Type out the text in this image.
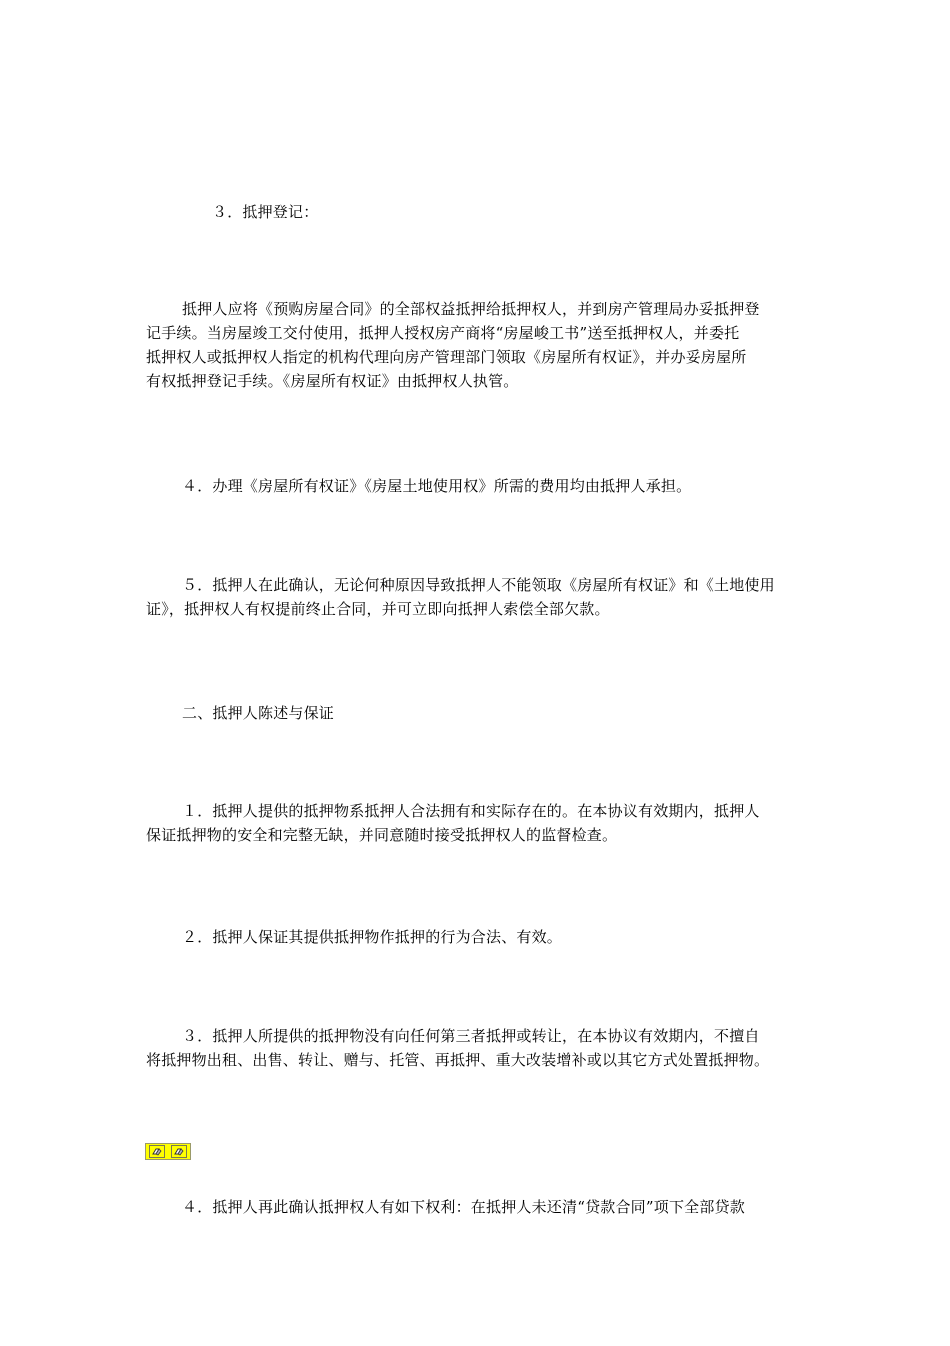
３．抵押登记：
抵押人应将《预购房屋合同》的全部权益抵押给抵押权人，并到房产管理局办妥抵押登
记手续。当房屋竣工交付使用，抵押人授权房产商将“房屋峻工书”送至抵押权人，并委托
抵押权人或抵押权人指定的机构代理向房产管理部门领取《房屋所有权证》，并办妥房屋所
有权抵押登记手续。《房屋所有权证》由抵押权人执管。
４．办理《房屋所有权证》《房屋土地使用权》所需的费用均由抵押人承担。
５．抵押人在此确认，无论何种原因导致抵押人不能领取《房屋所有权证》和《土地使用
证》，抵押权人有权提前终止合同，并可立即向抵押人索偿全部欠款。
二、抵押人陈述与保证
１．抵押人提供的抵押物系抵押人合法拥有和实际存在的。在本协议有效期内，抵押人
保证抵押物的安全和完整无缺，并同意随时接受抵押权人的监督检查。
２．抵押人保证其提供抵押物作抵押的行为合法、有效。
３．抵押人所提供的抵押物没有向任何第三者抵押或转让，在本协议有效期内，不擅自
将抵押物出租、出售、转让、赠与、托管、再抵押、重大改装增补或以其它方式处置抵押物。
４．抵押人再此确认抵押权人有如下权利：在抵押人未还清“贷款合同”项下全部贷款
